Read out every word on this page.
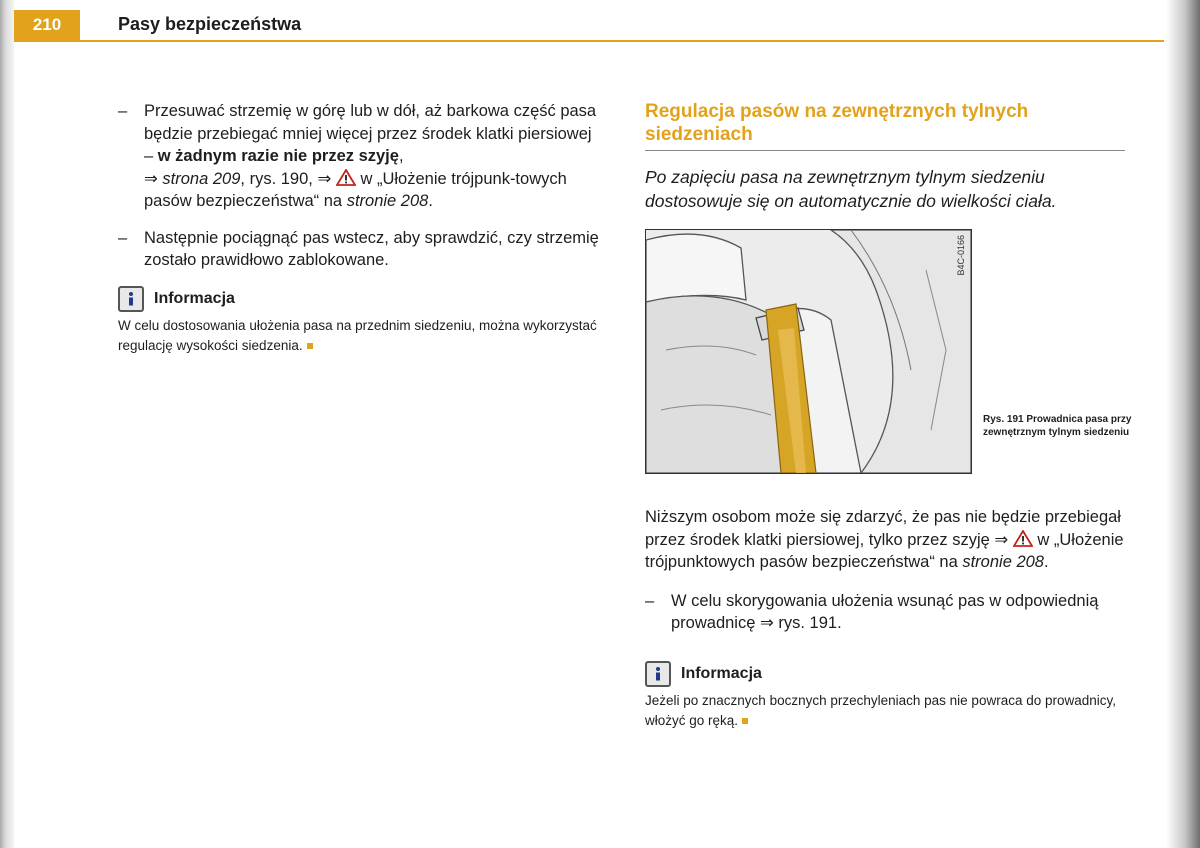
210	Pasy bezpieczeństwa
– Przesuwać strzemię w górę lub w dół, aż barkowa część pasa będzie przebiegać mniej więcej przez środek klatki piersiowej – w żadnym razie nie przez szyję,
⇒ strona 209, rys. 190, ⇒  w „Ułożenie trójpunk-towych pasów bezpieczeństwa“ na stronie 208.
– Następnie pociągnąć pas wstecz, aby sprawdzić, czy strzemię zostało prawidłowo zablokowane.
Informacja
W celu dostosowania ułożenia pasa na przednim siedzeniu, można wykorzystać regulację wysokości siedzenia.
Regulacja pasów na zewnętrznych tylnych siedzeniach
Po zapięciu pasa na zewnętrznym tylnym siedzeniu dostosowuje się on automatycznie do wielkości ciała.
B4C-0166
Rys. 191 Prowadnica pasa przy zewnętrznym tylnym siedzeniu
Niższym osobom może się zdarzyć, że pas nie będzie przebiegał przez środek klatki piersiowej, tylko przez szyję ⇒  w „Ułożenie trójpunktowych pasów bezpieczeństwa“ na stronie 208.
– W celu skorygowania ułożenia wsunąć pas w odpowiednią prowadnicę ⇒ rys. 191.
Informacja
Jeżeli po znacznych bocznych przechyleniach pas nie powraca do prowadnicy, włożyć go ręką.
